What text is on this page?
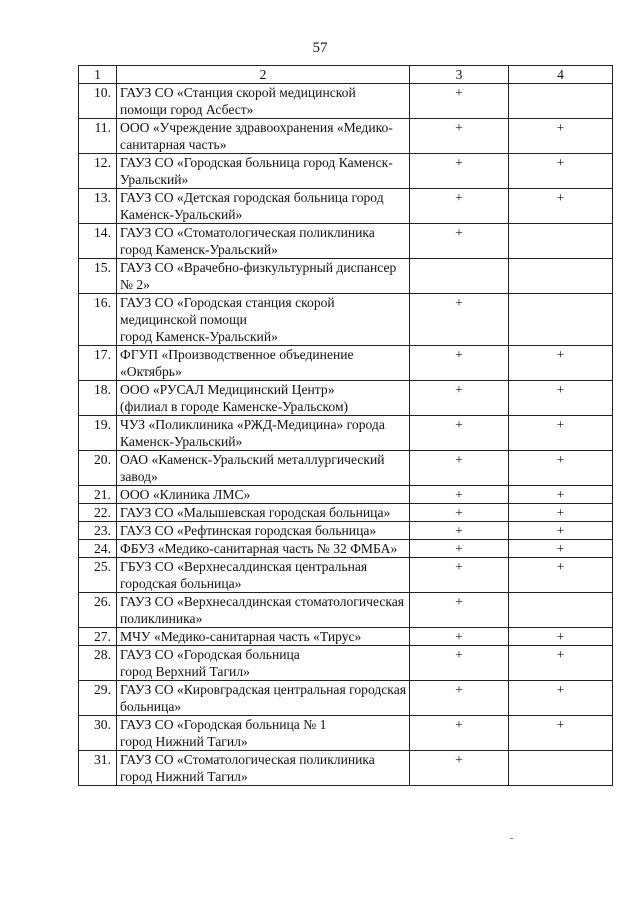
57
1	2	3	4
10.	ГАУЗ СО «Станция скорой медицинской помощи город Асбест»	+	
11.	ООО «Учреждение здравоохранения «Медико-санитарная часть»	+	+
12.	ГАУЗ СО «Городская больница город Каменск-Уральский»	+	+
13.	ГАУЗ СО «Детская городская больница город Каменск-Уральский»	+	+
14.	ГАУЗ СО «Стоматологическая поликлиника город Каменск-Уральский»	+	
15.	ГАУЗ СО «Врачебно-физкультурный диспансер № 2»		
16.	ГАУЗ СО «Городская станция скорой медицинской помощи
город Каменск-Уральский»	+	
17.	ФГУП «Производственное объединение «Октябрь»	+	+
18.	ООО «РУСАЛ Медицинский Центр»
(филиал в городе Каменске-Уральском)	+	+
19.	ЧУЗ «Поликлиника «РЖД-Медицина» города Каменск-Уральский»	+	+
20.	ОАО «Каменск-Уральский металлургический завод»	+	+
21.	ООО «Клиника ЛМС»	+	+
22.	ГАУЗ СО «Малышевская городская больница»	+	+
23.	ГАУЗ СО «Рефтинская городская больница»	+	+
24.	ФБУЗ «Медико-санитарная часть № 32 ФМБА»	+	+
25.	ГБУЗ СО «Верхнесалдинская центральная городская больница»	+	+
26.	ГАУЗ СО «Верхнесалдинская стоматологическая поликлиника»	+	
27.	МЧУ «Медико-санитарная часть «Тирус»	+	+
28.	ГАУЗ СО «Городская больница
город Верхний Тагил»	+	+
29.	ГАУЗ СО «Кировградская центральная городская больница»	+	+
30.	ГАУЗ СО «Городская больница № 1
город Нижний Тагил»	+	+
31.	ГАУЗ СО «Стоматологическая поликлиника город Нижний Тагил»	+	
